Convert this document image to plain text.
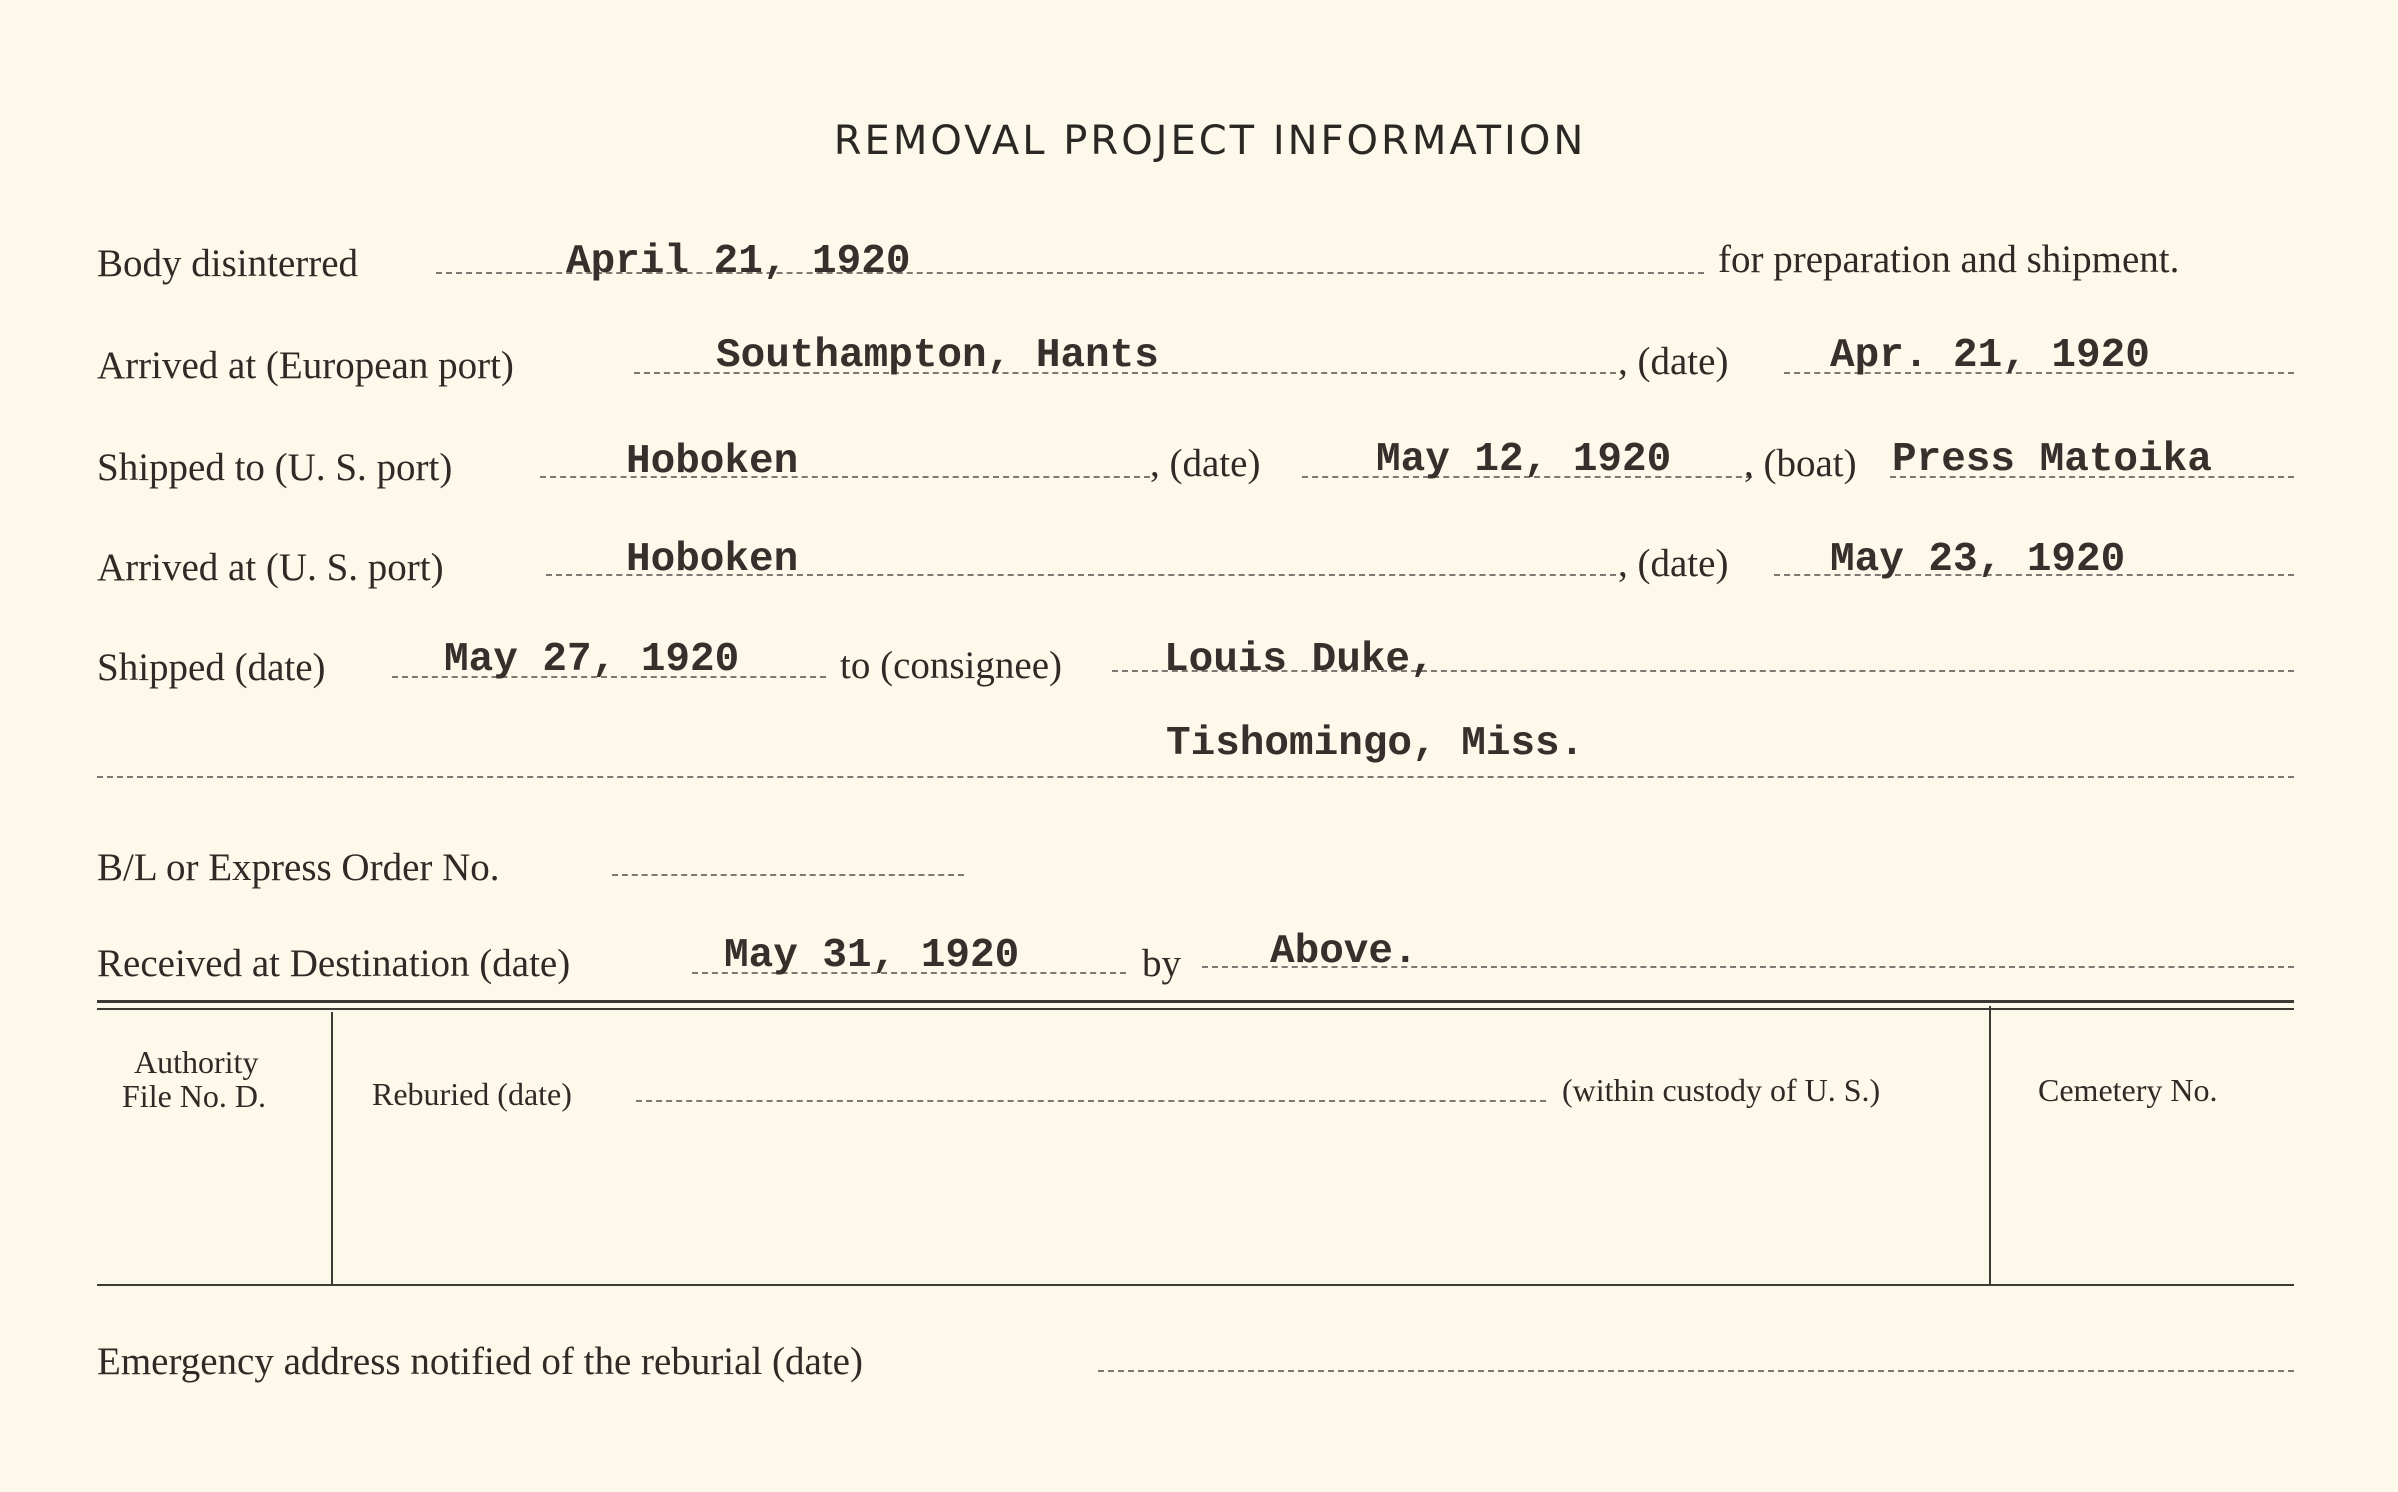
REMOVAL PROJECT INFORMATION
Body disinterred	April 21, 1920	for preparation and shipment.
Arrived at (European port)	Southampton, Hants	, (date) Apr. 21, 1920
Shipped to (U. S. port)	Hoboken	, (date)	May 12, 1920 , (boat) Press Matoika
Arrived at (U. S. port)	Hoboken	, (date) May 23, 1920
Shipped (date)	May 27, 1920	to (consignee) Louis Duke,
Tishomingo, Miss.
B/L or Express Order No.
Received at Destination (date)	May 31, 1920	by Above.
Authority
File No. D.	Reburied (date)	(within custody of U. S.)	Cemetery No.
Emergency address notified of the reburial (date)
